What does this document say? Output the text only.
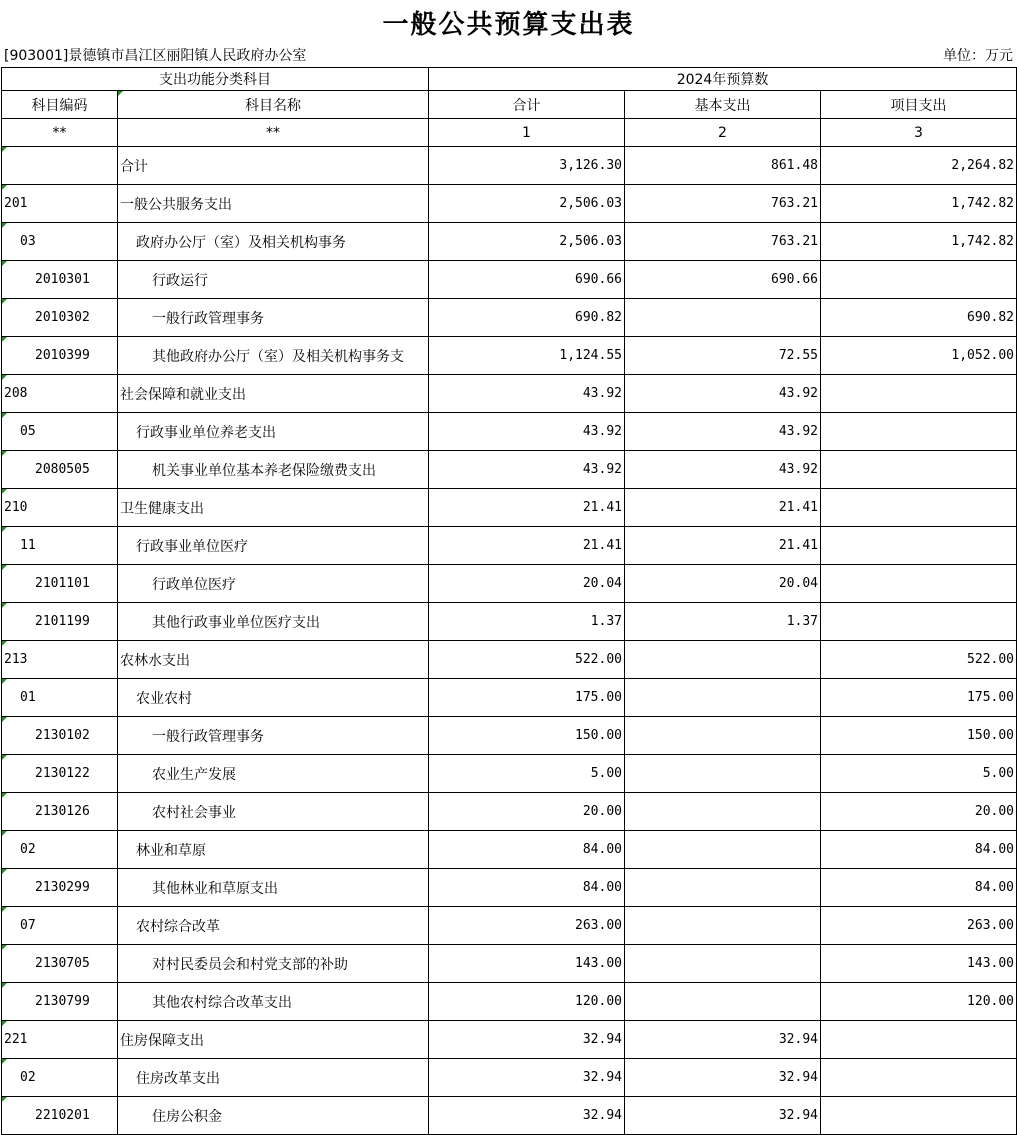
一般公共预算支出表
[903001]景德镇市昌江区丽阳镇人民政府办公室	单位：万元
支出功能分类科目		2024年预算数		
科目编码	科目名称	合计	基本支出	项目支出
**	**	1	2	3
	合计	3,126.30	861.48	2,264.82
201	一般公共服务支出	2,506.03	763.21	1,742.82
03	政府办公厅（室）及相关机构事务	2,506.03	763.21	1,742.82
2010301	行政运行	690.66	690.66	
2010302	一般行政管理事务	690.82		690.82
2010399	其他政府办公厅（室）及相关机构事务支	1,124.55	72.55	1,052.00
208	社会保障和就业支出	43.92	43.92	
05	行政事业单位养老支出	43.92	43.92	
2080505	机关事业单位基本养老保险缴费支出	43.92	43.92	
210	卫生健康支出	21.41	21.41	
11	行政事业单位医疗	21.41	21.41	
2101101	行政单位医疗	20.04	20.04	
2101199	其他行政事业单位医疗支出	1.37	1.37	
213	农林水支出	522.00		522.00
01	农业农村	175.00		175.00
2130102	一般行政管理事务	150.00		150.00
2130122	农业生产发展	5.00		5.00
2130126	农村社会事业	20.00		20.00
02	林业和草原	84.00		84.00
2130299	其他林业和草原支出	84.00		84.00
07	农村综合改革	263.00		263.00
2130705	对村民委员会和村党支部的补助	143.00		143.00
2130799	其他农村综合改革支出	120.00		120.00
221	住房保障支出	32.94	32.94	
02	住房改革支出	32.94	32.94	
2210201	住房公积金	32.94	32.94	
